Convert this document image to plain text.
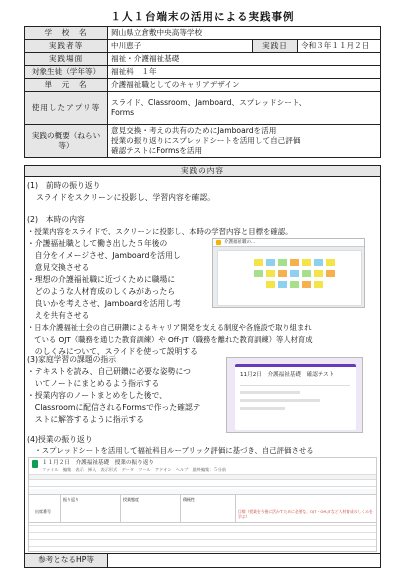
１人１台端末の活用による実践事例
学　校　名	岡山県立倉敷中央高等学校		
実践者等	中川恵子	実践日	令和３年１１月２日
実践場面	福祉・介護福祉基礎		
対象生徒（学年等）	福祉科　１年		
単　元　名	介護福祉職としてのキャリアデザイン		
使用したアプリ等	スライド、Classroom、Jamboard、スプレッドシート、
Forms		

実践の概要（ねらい等）	意見交換・考えの共有のためにJamboardを活用
授業の振り返りにスプレッドシートを活用して自己評価
確認テストにFormsを活用		
実践の内容
(1)　前時の振り返り
スライドをスクリーンに投影し、学習内容を確認。
(2)　本時の内容
・授業内容をスライドで、スクリーンに投影し、本時の学習内容と目標を確認。
・介護福祉職として働き出した５年後の
　自分をイメージさせ、Jamboardを活用し
　意見交換させる
・理想の介護福祉職に近づくために職場に
　どのような人材育成のしくみがあったら
　良いかを考えさせ、Jamboardを活用し考
　えを共有させる
・日本介護福祉士会の自己研鑽によるキャリア開発を支える制度や各施設で取り組まれ
　ている OJT（職務を通じた教育訓練）や Off-JT（職務を離れた教育訓練）等人材育成
　のしくみについて、スライドを使って説明する
介護福祉職の...
(3)家庭学習の課題の指示
・テキストを読み、自己研鑽に必要な姿勢につ
　いてノートにまとめるよう指示する
・授業内容のノートまとめをした後で、
　Classroomに配信されるFormsで作った確認テ
　ストに解答するように指示する
11月2日　介護福祉基礎　確認テスト
(4)授業の振り返り
　・スプレッドシートを活用して福祉科目ルーブリック評価に基づき、自己評価させる
１１月２日　介護福祉基礎　授業の振り返り
ファイル　編集　表示　挿入　表示形式　データ　ツール　アドオン　ヘルプ　最終編集：５分前
出席番号
振り返り	授業態度	積極性
目標（授業を今後に活かすために必要な、OJT・Off-JTなど人材育成のしくみを学ぶ）
参考となるHP等
